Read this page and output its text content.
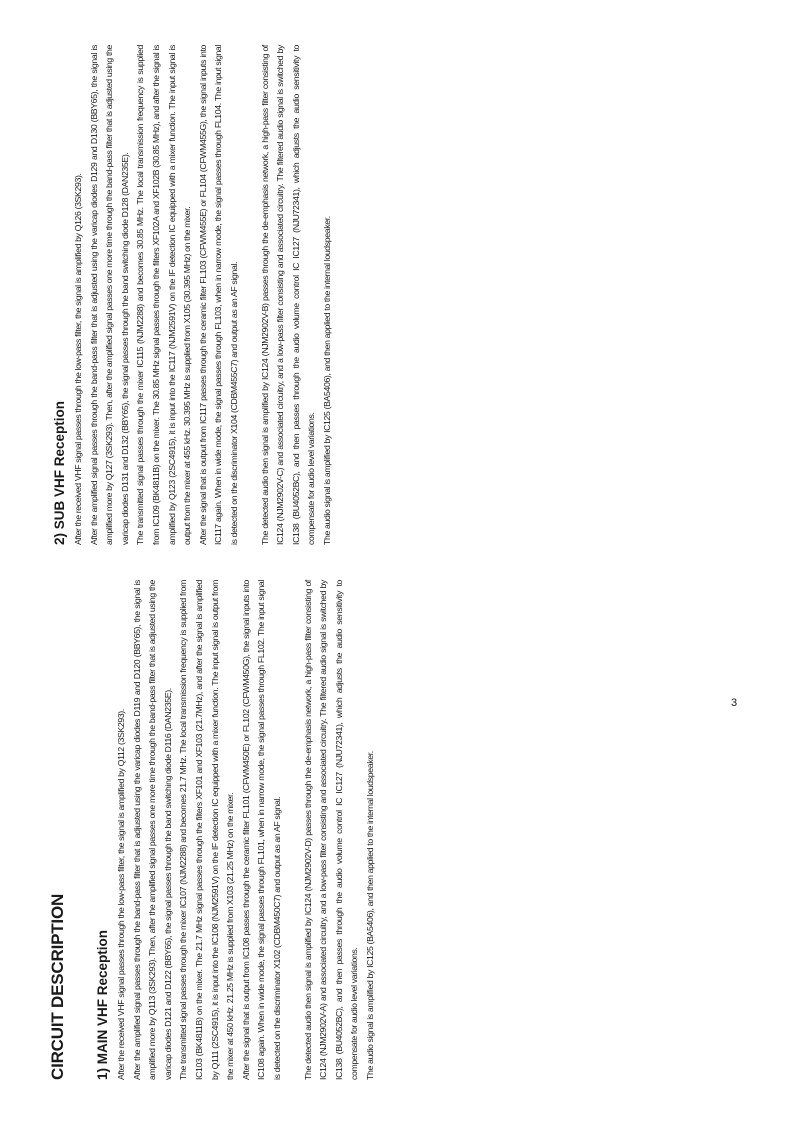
CIRCUIT DESCRIPTION 1) MAIN VHF Reception After the received VHF signal passes through the low-pass filter, the signal is amplified by Q112 (3SK293). After the amplified signal passes through the band-pass filter that is adjusted using the varicap diodes D119 and D120 (BBY65), the signal is amplified more by Q113 (3SK293). Then, after the amplified signal passes one more time through the band-pass filter that is adjusted using the varicap diodes D121 and D122 (BBY65), the signal passes through the band switching diode D116 (DAN235E). The transmitted signal passes through the mixer IC107 (NJM2288) and becomes 21.7 MHz. The local transmission frequency is supplied from IC103 (BK4811B) on the mixer. The 21.7 MHz signal passes through the filters XF101 and XF103 (21.7MHz), and after the signal is amplified by Q111 (2SC4915), it is input into the IC108 (NJM2591V) on the IF detection IC equipped with a mixer function. The input signal is output from the mixer at 450 kHz. 21.25 MHz is supplied from X103 (21.25 MHz) on the mixer. After the signal that is output from IC108 passes through the ceramic filter FL101 (CFWM450E) or FL102 (CFWM450G), the signal inputs into IC108 again. When in wide mode, the signal passes through FL101, when in narrow mode, the signal passes through FL102. The input signal is detected on the discriminator X102 (CDBM450C7) and output as an AF signal.	The detected audio then signal is amplified by IC124 (NJM2902V-D) passes through the de-emphasis network, a high-pass filter consisting of IC124 (NJM2902V-A) and associated circuitry, and a low-pass filter consisting and associated circuitry. The filtered audio signal is switched by IC138 (BU4052BC), and then passes through the audio volume control IC IC127 (NJU72341), which adjusts the audio sensitivity to compensate for audio level variations. The audio signal is amplified by IC125 (BA5406), and then applied to the internal loudspeaker.

2) SUB VHF Reception After the received VHF signal passes through the low-pass filter, the signal is amplified by Q126 (3SK293). After the amplified signal passes through the band-pass filter that is adjusted using the varicap diodes D129 and D130 (BBY65), the signal is amplified more by Q127 (3SK293). Then, after the amplified signal passes one more time through the band-pass filter that is adjusted using the varicap diodes D131 and D132 (BBY65), the signal passes through the band switching diode D128 (DAN235E). The transmitted signal passes through the mixer IC115 (NJM2288) and becomes 30.85 MHz. The local transmission frequency is supplied from IC109 (BK4811B) on the mixer. The 30.85 MHz signal passes through the filters XF102A and XF102B (30.85 MHz), and after the signal is amplified by Q123 (2SC4915), it is input into the IC117 (NJM2591V) on the IF detection IC equipped with a mixer function. The input signal is output from the mixer at 455 kHz. 30.395 MHz is supplied from X105 (30.395 MHz) on the mixer. After the signal that is output from IC117 passes through the ceramic filter FL103 (CFWM455E) or FL104 (CFWM455G), the signal inputs into IC117 again. When in wide mode, the signal passes through FL103, when in narrow mode, the signal passes through FL104. The input signal is detected on the discriminator X104 (CDBM455C7) and output as an AF signal.	The detected audio then signal is amplified by IC124 (NJM2902V-B) passes through the de-emphasis network, a high-pass filter consisting of IC124 (NJM2902V-C) and associated circuitry, and a low-pass filter consisting and associated circuitry. The filtered audio signal is switched by IC138 (BU4052BC), and then passes through the audio volume control IC IC127 (NJU72341), which adjusts the audio sensitivity to compensate for audio level variations. The audio signal is amplified by IC125 (BA5406), and then applied to the internal loudspeaker.

3
